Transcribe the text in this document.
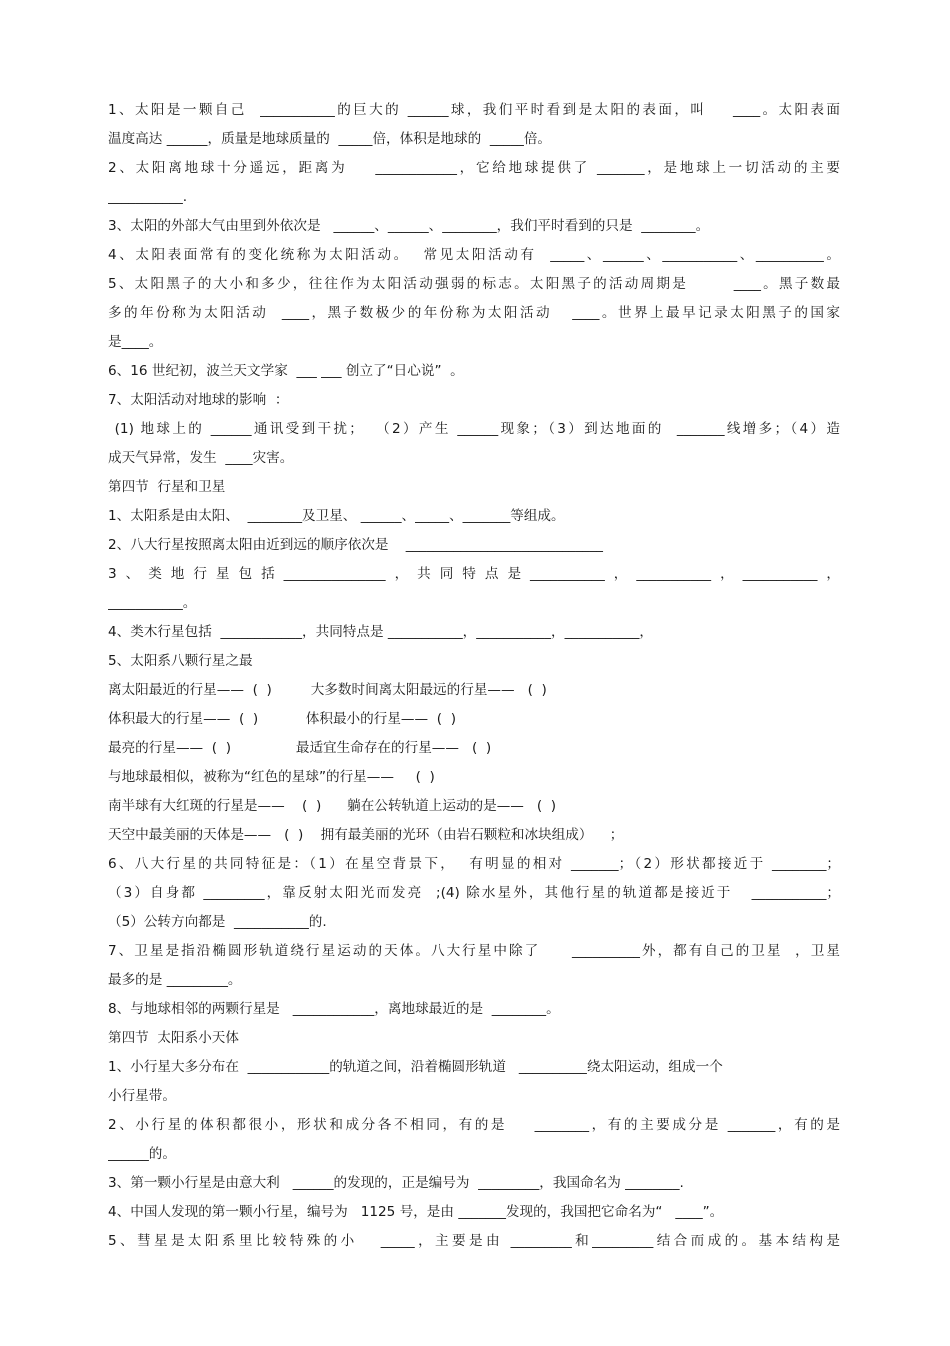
1、太阳是一颗自己  ___________的巨大的 ______球，我们平时看到是太阳的表面，叫    ____。太阳表面
温度高达 ______，质量是地球质量的  _____倍，体积是地球的  _____倍。
2、太阳离地球十分遥远，距离为    ____________，它给地球提供了 _______，是地球上一切活动的主要
___________.
3、太阳的外部大气由里到外依次是   ______、______、________，我们平时看到的只是  ________。
4、太阳表面常有的变化统称为太阳活动。  常见太阳活动有  _____、______、___________、__________。
5、太阳黑子的大小和多少，往往作为太阳活动强弱的标志。太阳黑子的活动周期是       ____。黑子数最
多的年份称为太阳活动  ____，黑子数极少的年份称为太阳活动   ____。世界上最早记录太阳黑子的国家
是____。
6、16 世纪初，波兰天文学家  ___ ___ 创立了“日心说”  。
7、太阳活动对地球的影响  ：
(1) 地球上的 ______通讯受到干扰；  （2）产生 ______现象；（3）到达地面的  _______线增多；（4）造
成天气异常，发生  ____灾害。
第四节  行星和卫星
1、太阳系是由太阳、  ________及卫星、 ______、_____、_______等组成。
2、八大行星按照离太阳由近到远的顺序依次是    _____________________________
3、类地行星包括_______________，共同特点是___________，___________，___________，
___________。
4、类木行星包括  ____________，共同特点是 ___________，___________，___________，
5、太阳系八颗行星之最
离太阳最近的行星——  (  )         大多数时间离太阳最远的行星——   (  )
体积最大的行星——  (  )           体积最小的行星——  (  )
最亮的行星——  (  )               最适宜生命存在的行星——   (  )
与地球最相似，被称为“红色的星球”的行星——     (  )
南半球有大红斑的行星是——    (  )      躺在公转轨道上运动的是——   (  )
天空中最美丽的天体是——   (  )    拥有最美丽的光环（由岩石颗粒和冰块组成）    ；
6、八大行星的共同特征是：（1）在星空背景下，  有明显的相对 _______；（2）形状都接近于 ________；
（3）自身都 _________，靠反射太阳光而发亮  ;(4) 除水星外，其他行星的轨道都是接近于   ___________；
（5）公转方向都是  ___________的.
7、卫星是指沿椭圆形轨道绕行星运动的天体。八大行星中除了     __________外，都有自己的卫星  ，卫星
最多的是 _________。
8、与地球相邻的两颗行星是   ____________，离地球最近的是  ________。
第四节  太阳系小天体
1、小行星大多分布在  ____________的轨道之间，沿着椭圆形轨道   __________绕太阳运动，组成一个
小行星带。
2、小行星的体积都很小，形状和成分各不相同，有的是    ________，有的主要成分是 _______，有的是
______的。
3、第一颗小行星是由意大利   ______的发现的，正是编号为  _________，我国命名为 ________.
4、中国人发现的第一颗小行星，编号为   1125 号，是由 _______发现的，我国把它命名为“   ____”。
5、彗星是太阳系里比较特殊的小   _____，主要是由 _________和_________结合而成的。基本结构是
